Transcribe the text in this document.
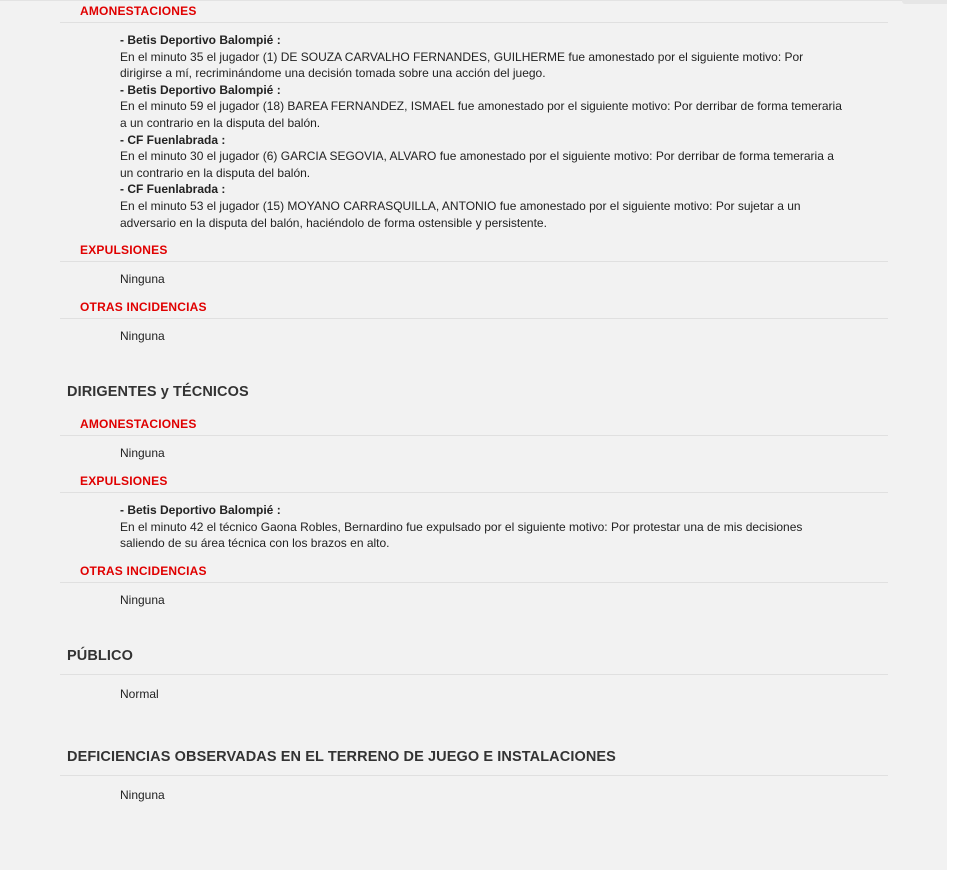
AMONESTACIONES
- Betis Deportivo Balompié :
En el minuto 35 el jugador (1) DE SOUZA CARVALHO FERNANDES, GUILHERME fue amonestado por el siguiente motivo: Por dirigirse a mí, recriminándome una decisión tomada sobre una acción del juego.
- Betis Deportivo Balompié :
En el minuto 59 el jugador (18) BAREA FERNANDEZ, ISMAEL fue amonestado por el siguiente motivo: Por derribar de forma temeraria a un contrario en la disputa del balón.
- CF Fuenlabrada :
En el minuto 30 el jugador (6) GARCIA SEGOVIA, ALVARO fue amonestado por el siguiente motivo: Por derribar de forma temeraria a un contrario en la disputa del balón.
- CF Fuenlabrada :
En el minuto 53 el jugador (15) MOYANO CARRASQUILLA, ANTONIO fue amonestado por el siguiente motivo: Por sujetar a un adversario en la disputa del balón, haciéndolo de forma ostensible y persistente.
EXPULSIONES
Ninguna
OTRAS INCIDENCIAS
Ninguna
DIRIGENTES y TÉCNICOS
AMONESTACIONES
Ninguna
EXPULSIONES
- Betis Deportivo Balompié :
En el minuto 42 el técnico Gaona Robles, Bernardino fue expulsado por el siguiente motivo: Por protestar una de mis decisiones saliendo de su área técnica con los brazos en alto.
OTRAS INCIDENCIAS
Ninguna
PÚBLICO
Normal
DEFICIENCIAS OBSERVADAS EN EL TERRENO DE JUEGO E INSTALACIONES
Ninguna
